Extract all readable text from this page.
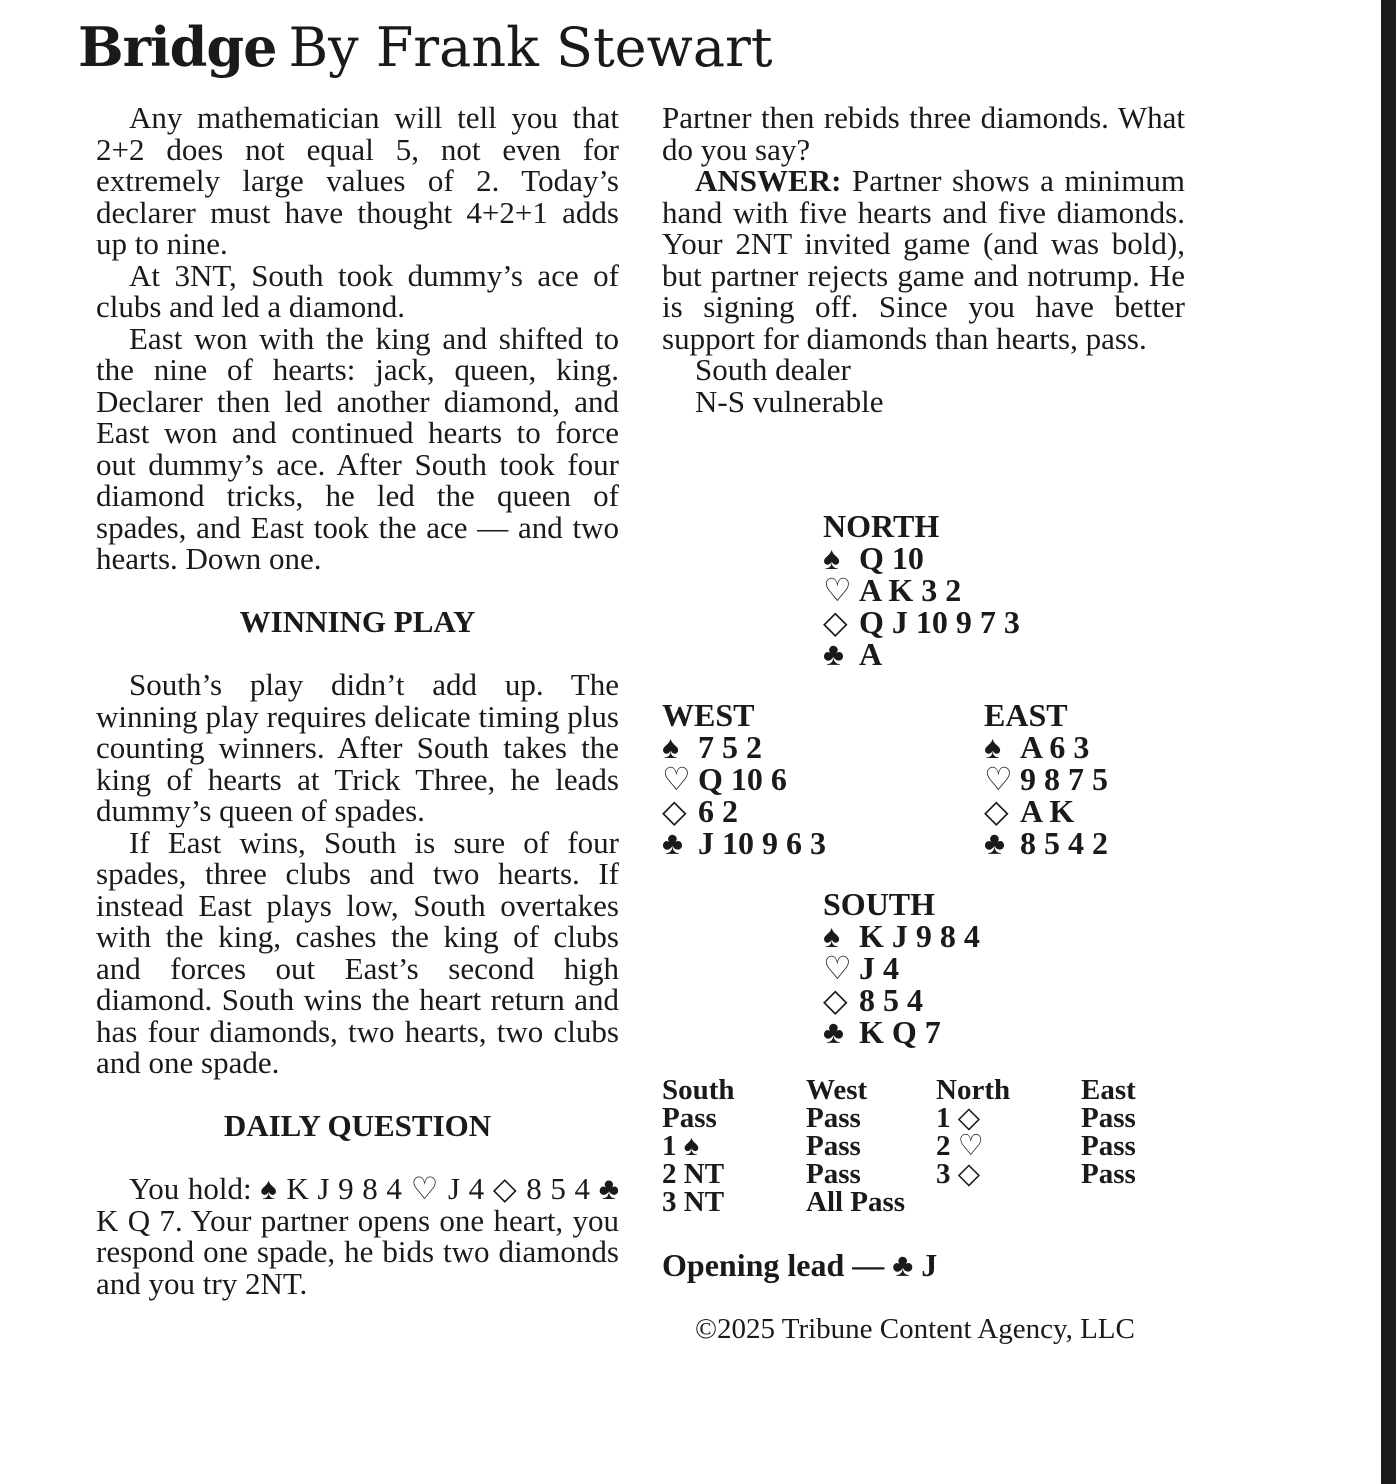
Bridge By Frank Stewart

Any mathematician will tell you that 2+2 does not equal 5, not even for extremely large values of 2. Today’s declarer must have thought 4+2+1 adds up to nine.

At 3NT, South took dummy’s ace of clubs and led a diamond.

East won with the king and shifted to the nine of hearts: jack, queen, king. Declarer then led another diamond, and East won and continued hearts to force out dummy’s ace. After South took four diamond tricks, he led the queen of spades, and East took the ace — and two hearts. Down one.

WINNING PLAY

South’s play didn’t add up. The winning play requires delicate timing plus counting winners. After South takes the king of hearts at Trick Three, he leads dummy’s queen of spades.

If East wins, South is sure of four spades, three clubs and two hearts. If instead East plays low, South overtakes with the king, cashes the king of clubs and forces out East’s second high diamond. South wins the heart return and has four diamonds, two hearts, two clubs and one spade.

DAILY QUESTION

You hold: ♠ K J 9 8 4 ♡ J 4 ◇ 8 5 4 ♣ K Q 7. Your partner opens one heart, you respond one spade, he bids two diamonds and you try 2NT.

Partner then rebids three diamonds. What do you say?

ANSWER: Partner shows a minimum hand with five hearts and five diamonds. Your 2NT invited game (and was bold), but partner rejects game and notrump. He is signing off. Since you have better support for diamonds than hearts, pass.

South dealer
N-S vulnerable
NORTH
♠ Q 10
♡ A K 3 2
◇ Q J 10 9 7 3
♣ A
WEST
♠ 7 5 2
♡ Q 10 6
◇ 6 2
♣ J 10 9 6 3
EAST
♠ A 6 3
♡ 9 8 7 5
◇ A K
♣ 8 5 4 2
SOUTH
♠ K J 9 8 4
♡ J 4
◇ 8 5 4
♣ K Q 7
South	West	North	East
Pass	Pass	1 ◇	Pass
1 ♠	Pass	2 ♡	Pass
2 NT	Pass	3 ◇	Pass
3 NT	All Pass
Opening lead — ♣ J
©2025 Tribune Content Agency, LLC
